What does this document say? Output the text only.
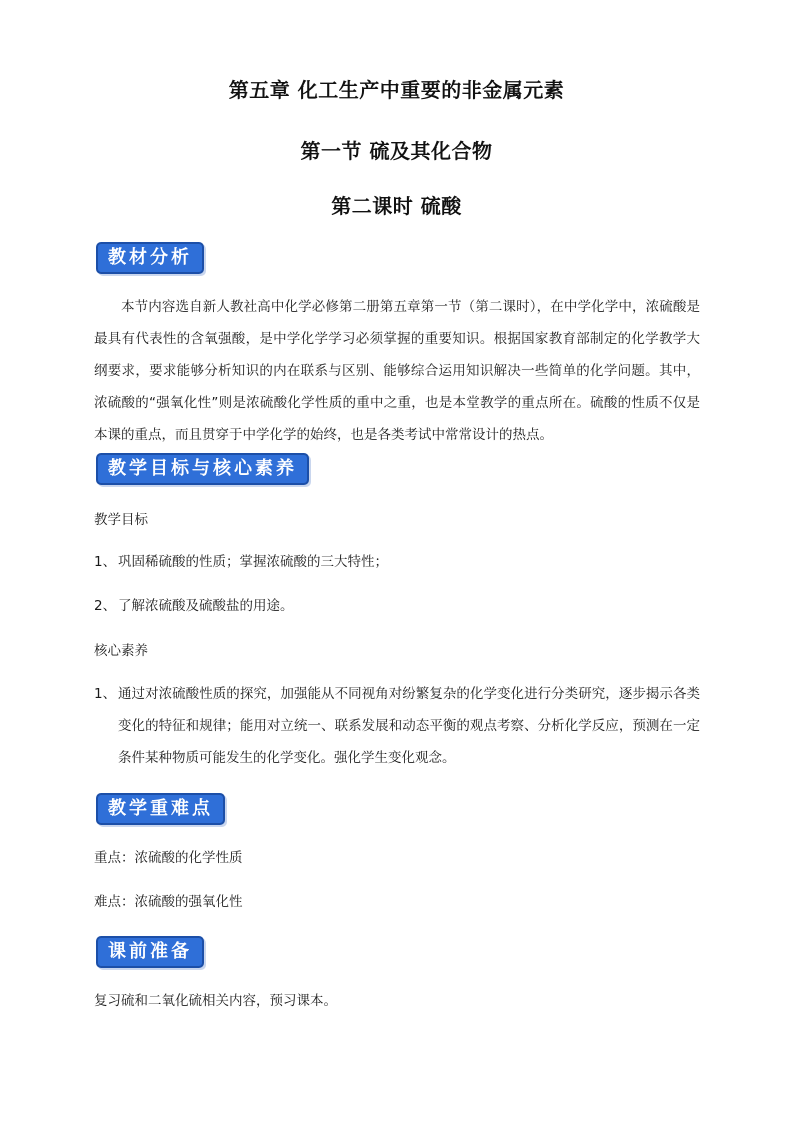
第五章 化工生产中重要的非金属元素
第一节 硫及其化合物
第二课时 硫酸
教材分析

本节内容选自新人教社高中化学必修第二册第五章第一节（第二课时），在中学化学中，浓硫酸是最具有代表性的含氧强酸，是中学化学学习必须掌握的重要知识。根据国家教育部制定的化学教学大纲要求，要求能够分析知识的内在联系与区别、能够综合运用知识解决一些简单的化学问题。其中，浓硫酸的“强氧化性”则是浓硫酸化学性质的重中之重，也是本堂教学的重点所在。硫酸的性质不仅是本课的重点，而且贯穿于中学化学的始终，也是各类考试中常常设计的热点。

教学目标与核心素养

教学目标

1、 巩固稀硫酸的性质；掌握浓硫酸的三大特性；

2、 了解浓硫酸及硫酸盐的用途。

核心素养

1、 通过对浓硫酸性质的探究，加强能从不同视角对纷繁复杂的化学变化进行分类研究，逐步揭示各类变化的特征和规律；能用对立统一、联系发展和动态平衡的观点考察、分析化学反应，预测在一定条件某种物质可能发生的化学变化。强化学生变化观念。

教学重难点

重点：浓硫酸的化学性质

难点：浓硫酸的强氧化性

课前准备

复习硫和二氧化硫相关内容，预习课本。
